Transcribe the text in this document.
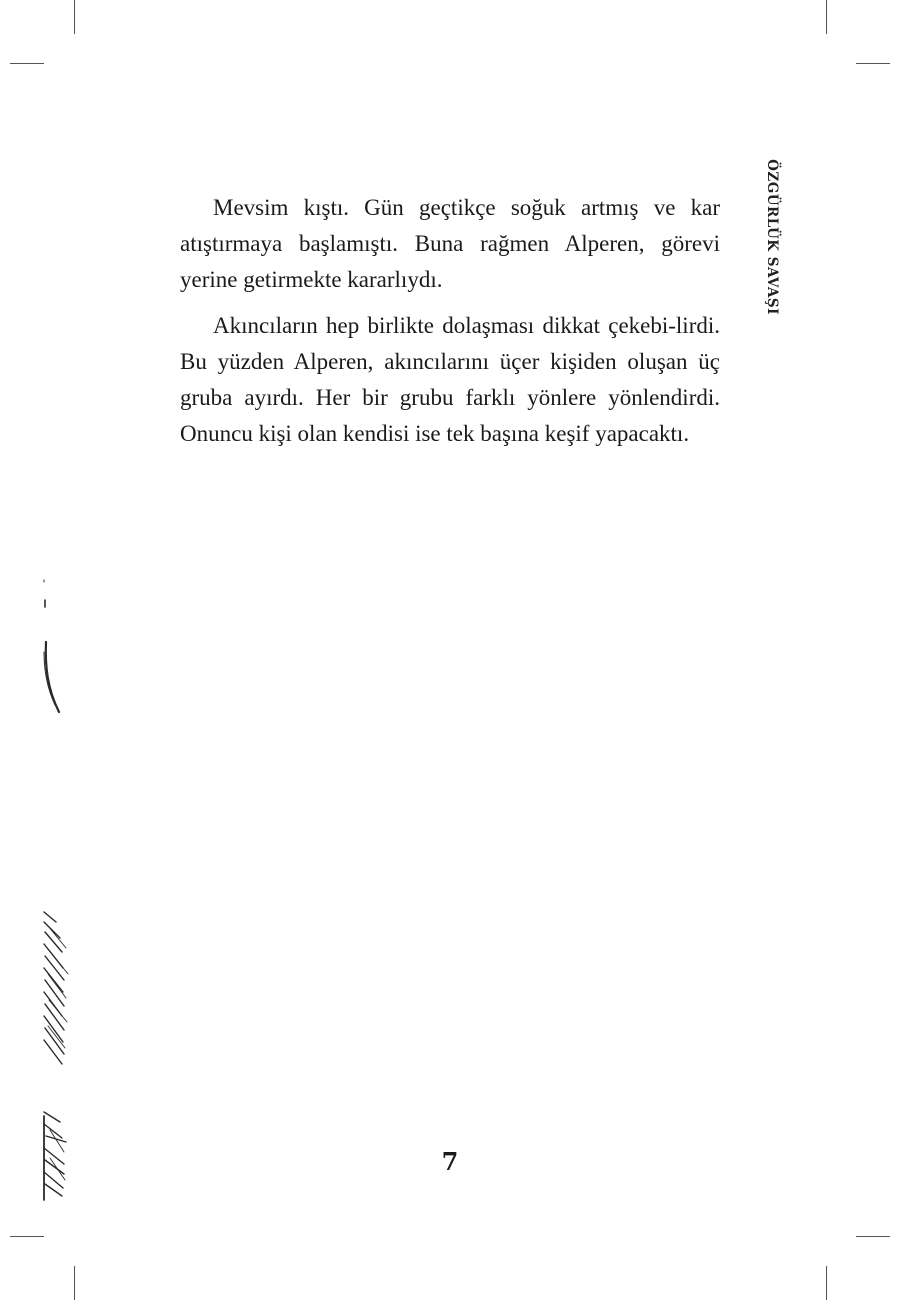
ÖZGÜRLÜK SAVAŞI

Mevsim kıştı. Gün geçtikçe soğuk artmış ve kar atıştırmaya başlamıştı. Buna rağmen Alperen, görevi yerine getirmekte kararlıydı.

Akıncıların hep birlikte dolaşması dikkat çekebi-lirdi. Bu yüzden Alperen, akıncılarını üçer kişiden oluşan üç gruba ayırdı. Her bir grubu farklı yönlere yönlendirdi. Onuncu kişi olan kendisi ise tek başına keşif yapacaktı.

7
